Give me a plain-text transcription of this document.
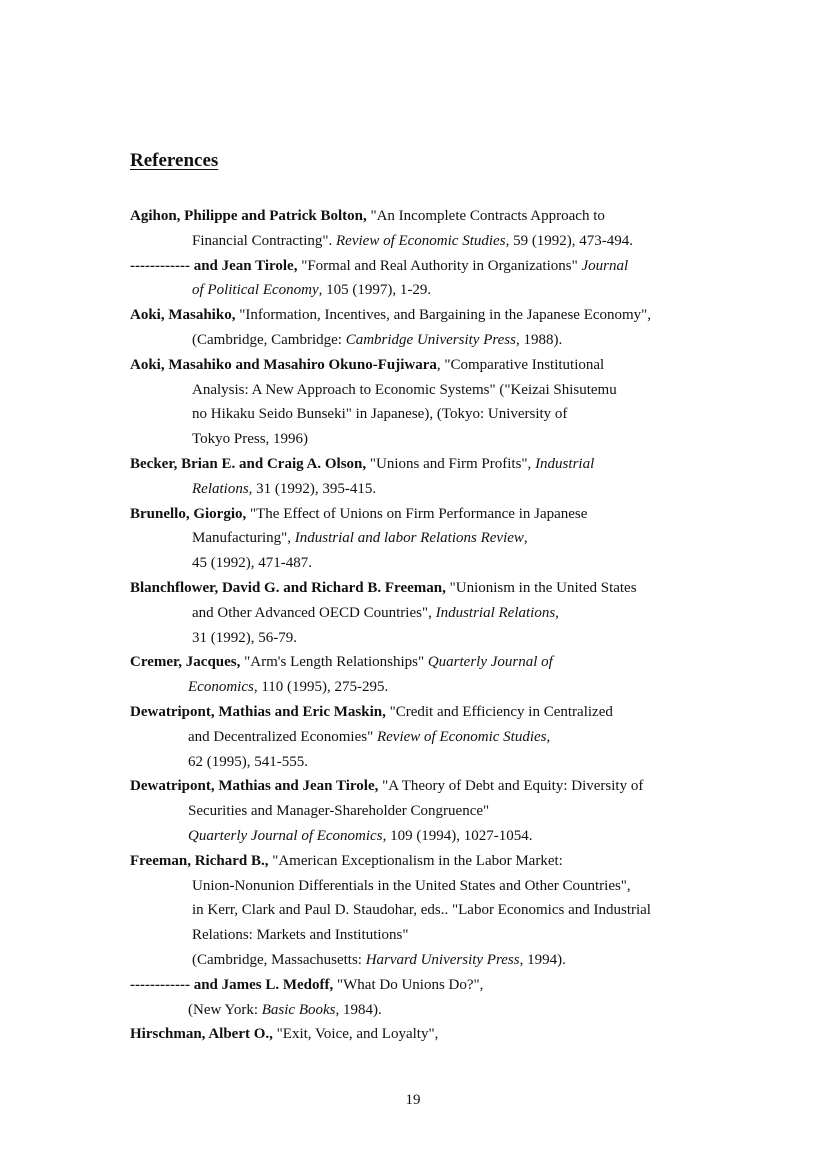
References
Agihon, Philippe and Patrick Bolton, "An Incomplete Contracts Approach to
Financial Contracting". Review of Economic Studies, 59 (1992), 473-494.
------------ and Jean Tirole, "Formal and Real Authority in Organizations" Journal
of Political Economy, 105 (1997), 1-29.
Aoki, Masahiko, "Information, Incentives, and Bargaining in the Japanese Economy",
(Cambridge, Cambridge: Cambridge University Press, 1988).
Aoki, Masahiko and Masahiro Okuno-Fujiwara, "Comparative Institutional
Analysis: A New Approach to Economic Systems" ("Keizai Shisutemu
no Hikaku Seido Bunseki" in Japanese), (Tokyo: University of
Tokyo Press, 1996)
Becker, Brian E. and Craig A. Olson, "Unions and Firm Profits", Industrial
Relations, 31 (1992), 395-415.
Brunello, Giorgio, "The Effect of Unions on Firm Performance in Japanese
Manufacturing", Industrial and labor Relations Review,
45 (1992), 471-487.
Blanchflower, David G. and Richard B. Freeman, "Unionism in the United States
and Other Advanced OECD Countries", Industrial Relations,
31 (1992), 56-79.
Cremer, Jacques, "Arm's Length Relationships" Quarterly Journal of
Economics, 110 (1995), 275-295.
Dewatripont, Mathias and Eric Maskin, "Credit and Efficiency in Centralized
and Decentralized Economies" Review of Economic Studies,
62 (1995), 541-555.
Dewatripont, Mathias and Jean Tirole, "A Theory of Debt and Equity: Diversity of
Securities and Manager-Shareholder Congruence"
Quarterly Journal of Economics, 109 (1994), 1027-1054.
Freeman, Richard B., "American Exceptionalism in the Labor Market:
Union-Nonunion Differentials in the United States and Other Countries",
in Kerr, Clark and Paul D. Staudohar, eds.. "Labor Economics and Industrial
Relations: Markets and Institutions"
(Cambridge, Massachusetts: Harvard University Press, 1994).
------------ and James L. Medoff, "What Do Unions Do?",
(New York: Basic Books, 1984).
Hirschman, Albert O., "Exit, Voice, and Loyalty",
19
